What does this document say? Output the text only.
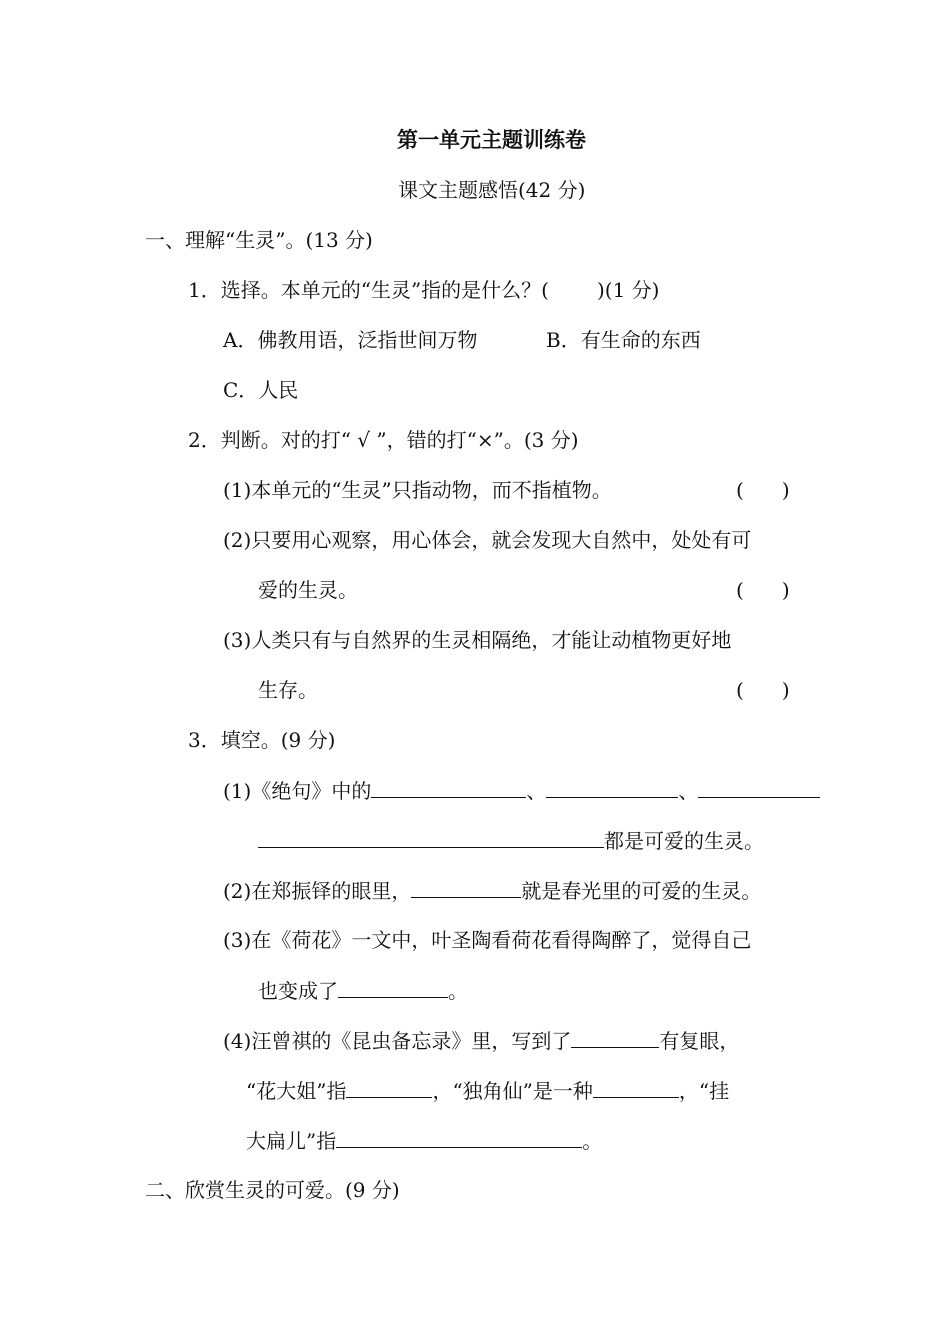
第一单元主题训练卷
课文主题感悟(42 分)
一、理解“生灵”。(13 分)
1．选择。本单元的“生灵”指的是什么？( )(1 分)
A．佛教用语，泛指世间万物	B．有生命的东西
C．人民
2．判断。对的打“ √ ”，错的打“×”。(3 分)
(1)本单元的“生灵”只指动物，而不指植物。	( )
(2)只要用心观察，用心体会，就会发现大自然中，处处有可
爱的生灵。	( )
(3)人类只有与自然界的生灵相隔绝，才能让动植物更好地
生存。	( )
3．填空。(9 分)
(1)《绝句》中的	、	、
都是可爱的生灵。
(2)在郑振铎的眼里，	就是春光里的可爱的生灵。
(3)在《荷花》一文中，叶圣陶看荷花看得陶醉了，觉得自己
也变成了	。
(4)汪曾祺的《昆虫备忘录》里，写到了	有复眼，
“花大姐”指	，“独角仙”是一种	，“挂
大扁儿”指	。
二、欣赏生灵的可爱。(9 分)
